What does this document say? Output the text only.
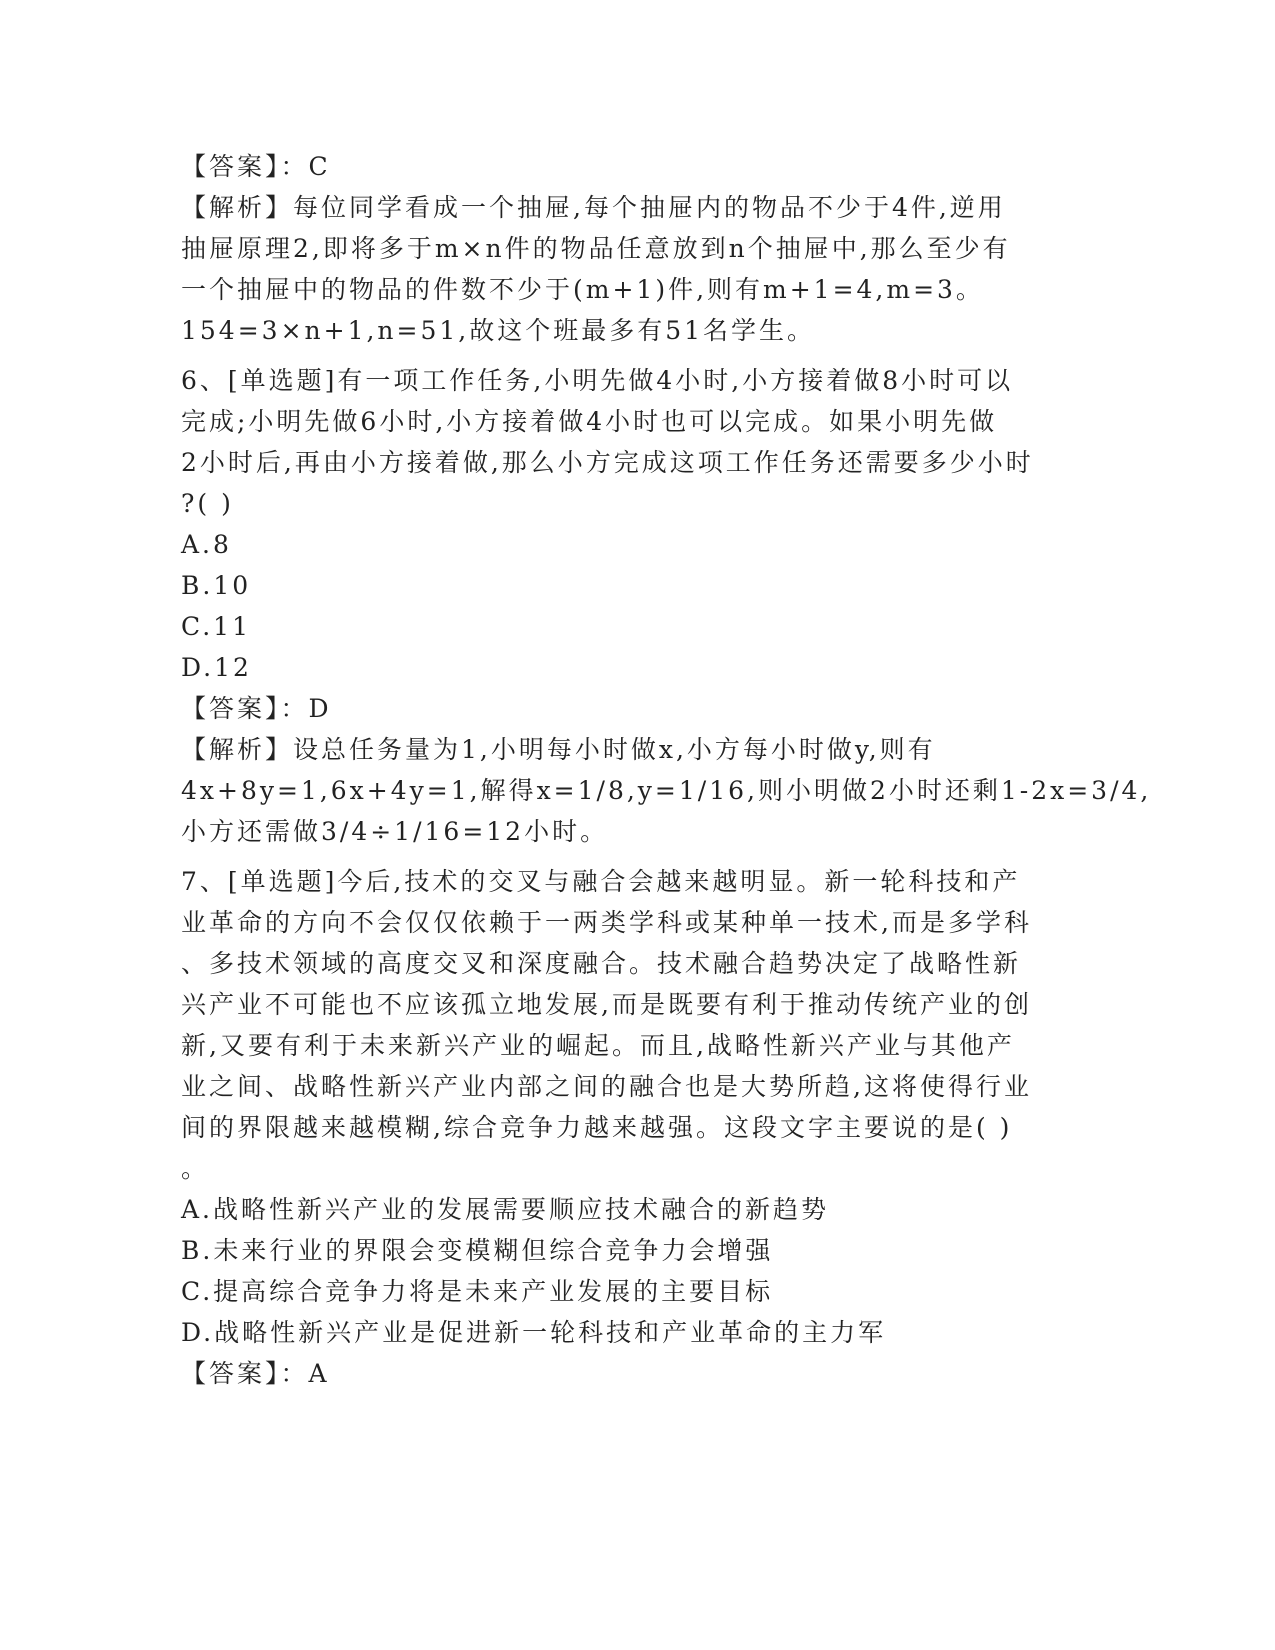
【答案】：C
【解析】每位同学看成一个抽屉,每个抽屉内的物品不少于4件,逆用
抽屉原理2,即将多于m×n件的物品任意放到n个抽屉中,那么至少有
一个抽屉中的物品的件数不少于(m+1)件,则有m+1=4,m=3。
154=3×n+1,n=51,故这个班最多有51名学生。
6、[单选题]有一项工作任务,小明先做4小时,小方接着做8小时可以
完成;小明先做6小时,小方接着做4小时也可以完成。如果小明先做
2小时后,再由小方接着做,那么小方完成这项工作任务还需要多少小时
?( )
A.8
B.10
C.11
D.12
【答案】：D
【解析】设总任务量为1,小明每小时做x,小方每小时做y,则有
4x+8y=1,6x+4y=1,解得x=1/8,y=1/16,则小明做2小时还剩1-2x=3/4,
小方还需做3/4÷1/16=12小时。
7、[单选题]今后,技术的交叉与融合会越来越明显。新一轮科技和产
业革命的方向不会仅仅依赖于一两类学科或某种单一技术,而是多学科
、多技术领域的高度交叉和深度融合。技术融合趋势决定了战略性新
兴产业不可能也不应该孤立地发展,而是既要有利于推动传统产业的创
新,又要有利于未来新兴产业的崛起。而且,战略性新兴产业与其他产
业之间、战略性新兴产业内部之间的融合也是大势所趋,这将使得行业
间的界限越来越模糊,综合竞争力越来越强。这段文字主要说的是( )
。
A.战略性新兴产业的发展需要顺应技术融合的新趋势
B.未来行业的界限会变模糊但综合竞争力会增强
C.提高综合竞争力将是未来产业发展的主要目标
D.战略性新兴产业是促进新一轮科技和产业革命的主力军
【答案】：A
